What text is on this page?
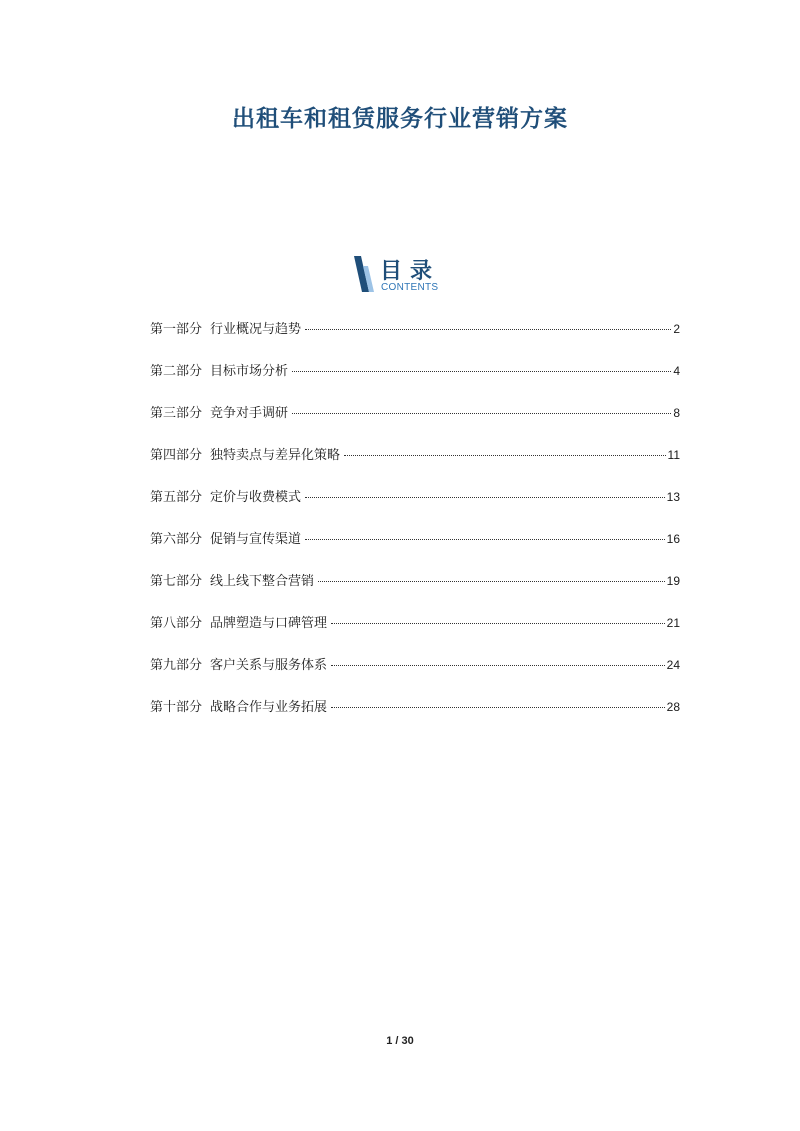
出租车和租赁服务行业营销方案
目录
CONTENTS
第一部分 行业概况与趋势	2
第二部分 目标市场分析	4
第三部分 竞争对手调研	8
第四部分 独特卖点与差异化策略	11
第五部分 定价与收费模式	13
第六部分 促销与宣传渠道	16
第七部分 线上线下整合营销	19
第八部分 品牌塑造与口碑管理	21
第九部分 客户关系与服务体系	24
第十部分 战略合作与业务拓展	28
1 / 30
